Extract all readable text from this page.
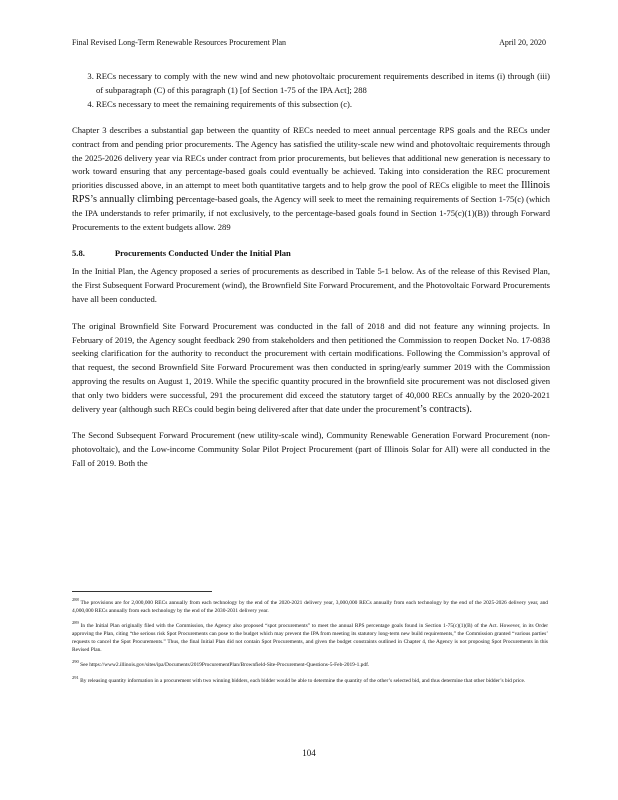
Final Revised Long-Term Renewable Resources Procurement Plan	April 20, 2020
3. RECs necessary to comply with the new wind and new photovoltaic procurement requirements described in items (i) through (iii) of subparagraph (C) of this paragraph (1) [of Section 1-75 of the IPA Act]; 288
4. RECs necessary to meet the remaining requirements of this subsection (c).

Chapter 3 describes a substantial gap between the quantity of RECs needed to meet annual percentage RPS goals and the RECs under contract from and pending prior procurements. The Agency has satisfied the utility-scale new wind and photovoltaic requirements through the 2025-2026 delivery year via RECs under contract from prior procurements, but believes that additional new generation is necessary to work toward ensuring that any percentage-based goals could eventually be achieved. Taking into consideration the REC procurement priorities discussed above, in an attempt to meet both quantitative targets and to help grow the pool of RECs eligible to meet the Illinois RPS’s annually climbing percentage-based goals, the Agency will seek to meet the remaining requirements of Section 1-75(c) (which the IPA understands to refer primarily, if not exclusively, to the percentage-based goals found in Section 1-75(c)(1)(B)) through Forward Procurements to the extent budgets allow. 289

5.8.	Procurements Conducted Under the Initial Plan

In the Initial Plan, the Agency proposed a series of procurements as described in Table 5-1 below. As of the release of this Revised Plan, the First Subsequent Forward Procurement (wind), the Brownfield Site Forward Procurement, and the Photovoltaic Forward Procurements have all been conducted.

The original Brownfield Site Forward Procurement was conducted in the fall of 2018 and did not feature any winning projects. In February of 2019, the Agency sought feedback 290 from stakeholders and then petitioned the Commission to reopen Docket No. 17-0838 seeking clarification for the authority to reconduct the procurement with certain modifications. Following the Commission’s approval of that request, the second Brownfield Site Forward Procurement was then conducted in spring/early summer 2019 with the Commission approving the results on August 1, 2019. While the specific quantity procured in the brownfield site procurement was not disclosed given that only two bidders were successful, 291 the procurement did exceed the statutory target of 40,000 RECs annually by the 2020-2021 delivery year (although such RECs could begin being delivered after that date under the procurement’s contracts).

The Second Subsequent Forward Procurement (new utility-scale wind), Community Renewable Generation Forward Procurement (non-photovoltaic), and the Low-income Community Solar Pilot Project Procurement (part of Illinois Solar for All) were all conducted in the Fall of 2019. Both the

$^{288}$ The provisions are for 2,000,000 RECs annually from each technology by the end of the 2020-2021 delivery year, 3,000,000 RECs annually from each technology by the end of the 2025-2026 delivery year, and 4,000,000 RECs annually from each technology by the end of the 2030-2031 delivery year.

$^{289}$ In the Initial Plan originally filed with the Commission, the Agency also proposed “spot procurements” to meet the annual RPS percentage goals found in Section 1-75(c)(1)(B) of the Act. However, in its Order approving the Plan, citing “the serious risk Spot Procurements can pose to the budget which may prevent the IPA from meeting its statutory long-term new build requirements,” the Commission granted “various parties’ requests to cancel the Spot Procurements.” Thus, the final Initial Plan did not contain Spot Procurements, and given the budget constraints outlined in Chapter 4, the Agency is not proposing Spot Procurements in this Revised Plan.

$^{290}$ See https://www2.illinois.gov/sites/ipa/Documents/2019ProcurementPlan/Brownfield-Site-Procurement-Questions-5-Feb-2019-1.pdf.

$^{291}$ By releasing quantity information in a procurement with two winning bidders, each bidder would be able to determine the quantity of the other’s selected bid, and thus determine that other bidder’s bid price.

104
